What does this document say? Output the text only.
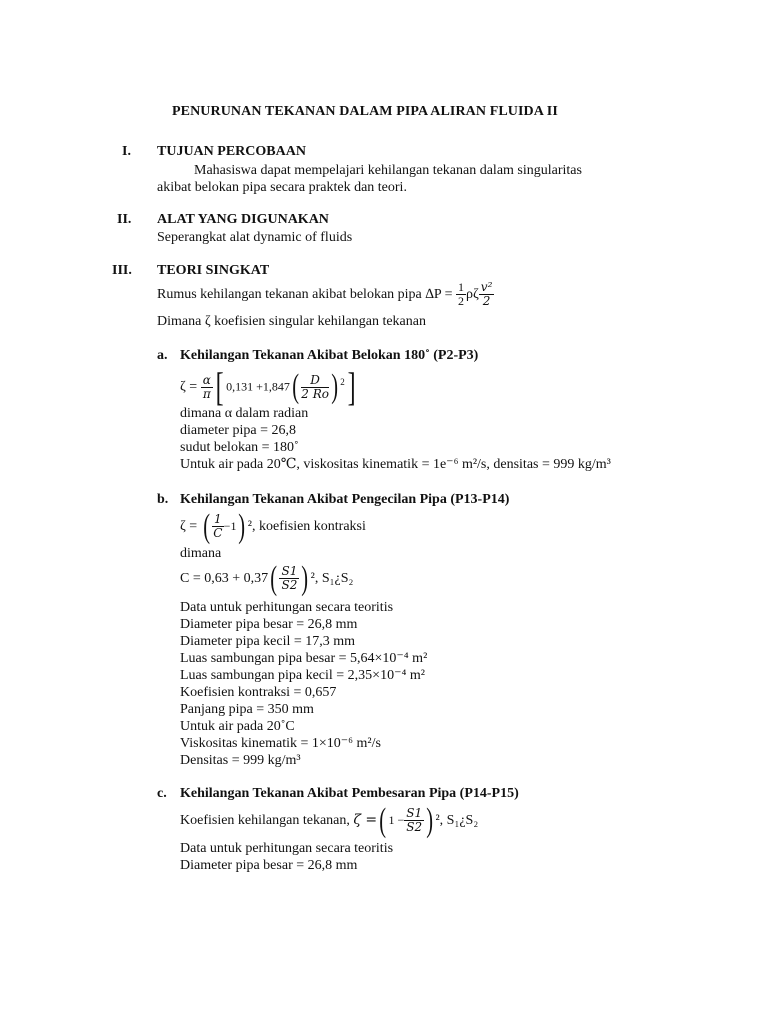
PENURUNAN TEKANAN DALAM PIPA ALIRAN FLUIDA II
I. TUJUAN PERCOBAAN
Mahasiswa dapat mempelajari kehilangan tekanan dalam singularitas
akibat belokan pipa secara praktek dan teori.
II. ALAT YANG DIGUNAKAN
Seperangkat alat dynamic of fluids
III. TEORI SINGKAT
Rumus kehilangan tekanan akibat belokan pipa $\Delta P = \frac{1}{2}$ ρζ $\frac{\text{v²}}{2}$
Dimana ζ koefisien singular kehilangan tekanan
a. Kehilangan Tekanan Akibat Belokan 180˚ (P2-P3)
$\zeta = \frac{\alpha}{\pi}$ [ $0,131 +1,847( \frac{D}{2 Ro}$ ) $^2$]
dimana α dalam radian
diameter pipa = 26,8
sudut belokan = 180˚
Untuk air pada 20℃, viskositas kinematik = 1e⁻⁶ m²/s, densitas = 999 kg/m³
b. Kehilangan Tekanan Akibat Pengecilan Pipa (P13-P14)
ζ = ( $\frac{1}{C} -1$) ², koefisien kontraksi
dimana
$C = 0,63 + 0,37( \frac{S1}{S2}$ ) ², S₁¿S₂
Data untuk perhitungan secara teoritis
Diameter pipa besar = 26,8 mm
Diameter pipa kecil = 17,3 mm
Luas sambungan pipa besar = 5,64×10⁻⁴ m²
Luas sambungan pipa kecil = 2,35×10⁻⁴ m²
Koefisien kontraksi = 0,657
Panjang pipa = 350 mm
Untuk air pada 20˚C
Viskositas kinematik = 1×10⁻⁶ m²/s
Densitas = 999 kg/m³
c. Kehilangan Tekanan Akibat Pembesaran Pipa (P14-P15)
Koefisien kehilangan tekanan, ζ =( $1 - \frac{S1}{S2}$ ) ², S₁¿S₂
Data untuk perhitungan secara teoritis
Diameter pipa besar = 26,8 mm
